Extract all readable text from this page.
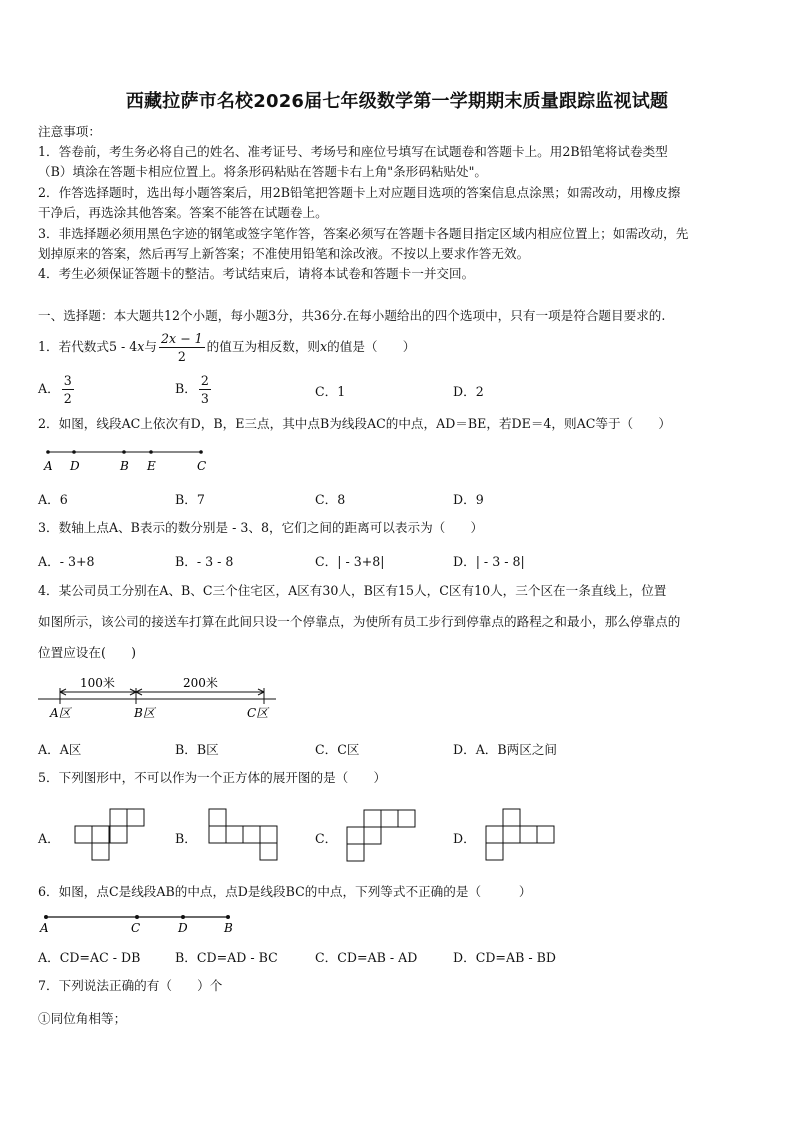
西藏拉萨市名校2026届七年级数学第一学期期末质量跟踪监视试题
注意事项：
1．答卷前，考生务必将自己的姓名、准考证号、考场号和座位号填写在试题卷和答题卡上。用2B铅笔将试卷类型
（B）填涂在答题卡相应位置上。将条形码粘贴在答题卡右上角"条形码粘贴处"。
2．作答选择题时，选出每小题答案后，用2B铅笔把答题卡上对应题目选项的答案信息点涂黑；如需改动，用橡皮擦
干净后，再选涂其他答案。答案不能答在试题卷上。
3．非选择题必须用黑色字迹的钢笔或签字笔作答，答案必须写在答题卡各题目指定区域内相应位置上；如需改动，先
划掉原来的答案，然后再写上新答案；不准使用铅笔和涂改液。不按以上要求作答无效。
4．考生必须保证答题卡的整洁。考试结束后，请将本试卷和答题卡一并交回。
一、选择题：本大题共12个小题，每小题3分，共36分.在每小题给出的四个选项中，只有一项是符合题目要求的.
1．若代数式5 - 4x与 $\frac{2x - 1}{2}$ 的值互为相反数，则x的值是（　　）
A． $\frac{3}{2}$	B． $\frac{2}{3}$	C．1	D．2
2．如图，线段AC上依次有D，B，E三点，其中点B为线段AC的中点，AD＝BE，若DE＝4，则AC等于（　　）
A D	B E	C
A．6	B．7	C．8	D．9
3．数轴上点A、B表示的数分别是 - 3、8，它们之间的距离可以表示为（　　）
A．- 3+8	B．- 3 - 8	C．| - 3+8|	D．| - 3 - 8|
4．某公司员工分别在A、B、C三个住宅区，A区有30人，B区有15人，C区有10人，三个区在一条直线上，位置
如图所示，该公司的接送车打算在此间只设一个停靠点，为使所有员工步行到停靠点的路程之和最小，那么停靠点的
位置应设在(　　)
100米	200米
A区	B区	C区
A．A区	B．B区	C．C区	D．A．B两区之间
5．下列图形中，不可以作为一个正方体的展开图的是（　　）
A．	B．	C．	D．
6．如图，点C是线段AB的中点，点D是线段BC的中点，下列等式不正确的是（　　　）
A	C	D	B
A．CD=AC - DB	B．CD=AD - BC	C．CD=AB - AD	D．CD=AB - BD
7．下列说法正确的有（　　）个
①同位角相等；
